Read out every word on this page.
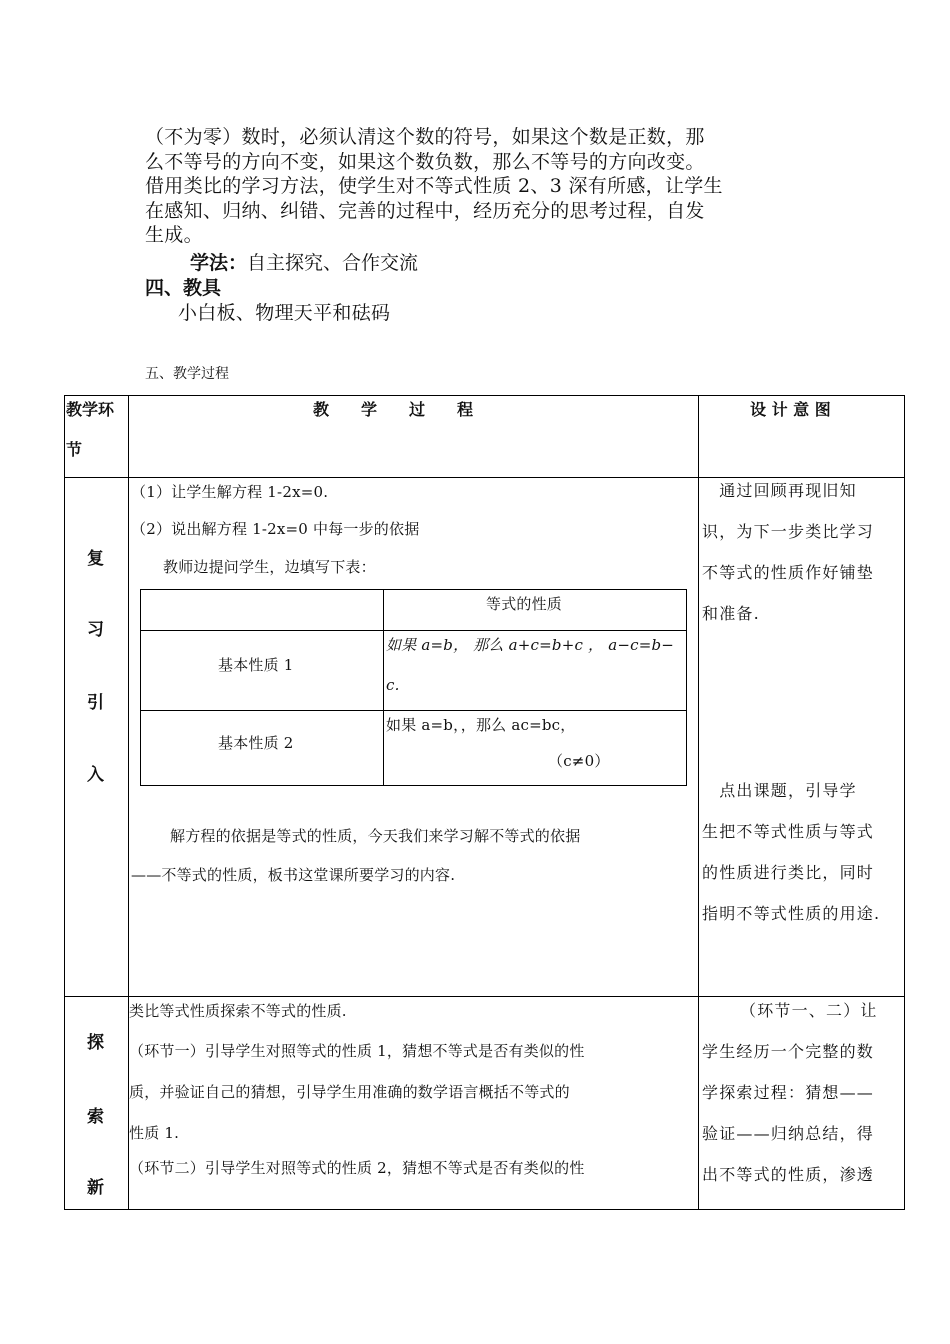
（不为零）数时，必须认清这个数的符号，如果这个数是正数，那
么不等号的方向不变，如果这个数负数，那么不等号的方向改变。
借用类比的学习方法，使学生对不等式性质 2、3 深有所感，让学生
在感知、归纳、纠错、完善的过程中，经历充分的思考过程，自发
生成。
学法：自主探究、合作交流
四、教具
小白板、物理天平和砝码
五、教学过程
教学环
节
教　　学　　过　　程	设 计 意 图
复
习
引
入
（1）让学生解方程 1-2x=0.
（2）说出解方程 1-2x=0 中每一步的依据
教师边提问学生，边填写下表：
等式的性质
基本性质 1
如果 a=b， 那么 a+c=b+c ， a−c=b−
c.
基本性质 2
如果 a=b，，那么 ac=bc，
（c≠0）
解方程的依据是等式的性质，今天我们来学习解不等式的依据
——不等式的性质，板书这堂课所要学习的内容.
　通过回顾再现旧知
识，为下一步类比学习
不等式的性质作好铺垫
和准备.
　点出课题，引导学
生把不等式性质与等式
的性质进行类比，同时
指明不等式性质的用途.
探
索
新
类比等式性质探索不等式的性质.
（环节一）引导学生对照等式的性质 1，猜想不等式是否有类似的性
质，并验证自己的猜想，引导学生用准确的数学语言概括不等式的
性质 1.
（环节二）引导学生对照等式的性质 2，猜想不等式是否有类似的性
（环节一、二）让
学生经历一个完整的数
学探索过程：猜想——
验证——归纳总结，得
出不等式的性质，渗透
